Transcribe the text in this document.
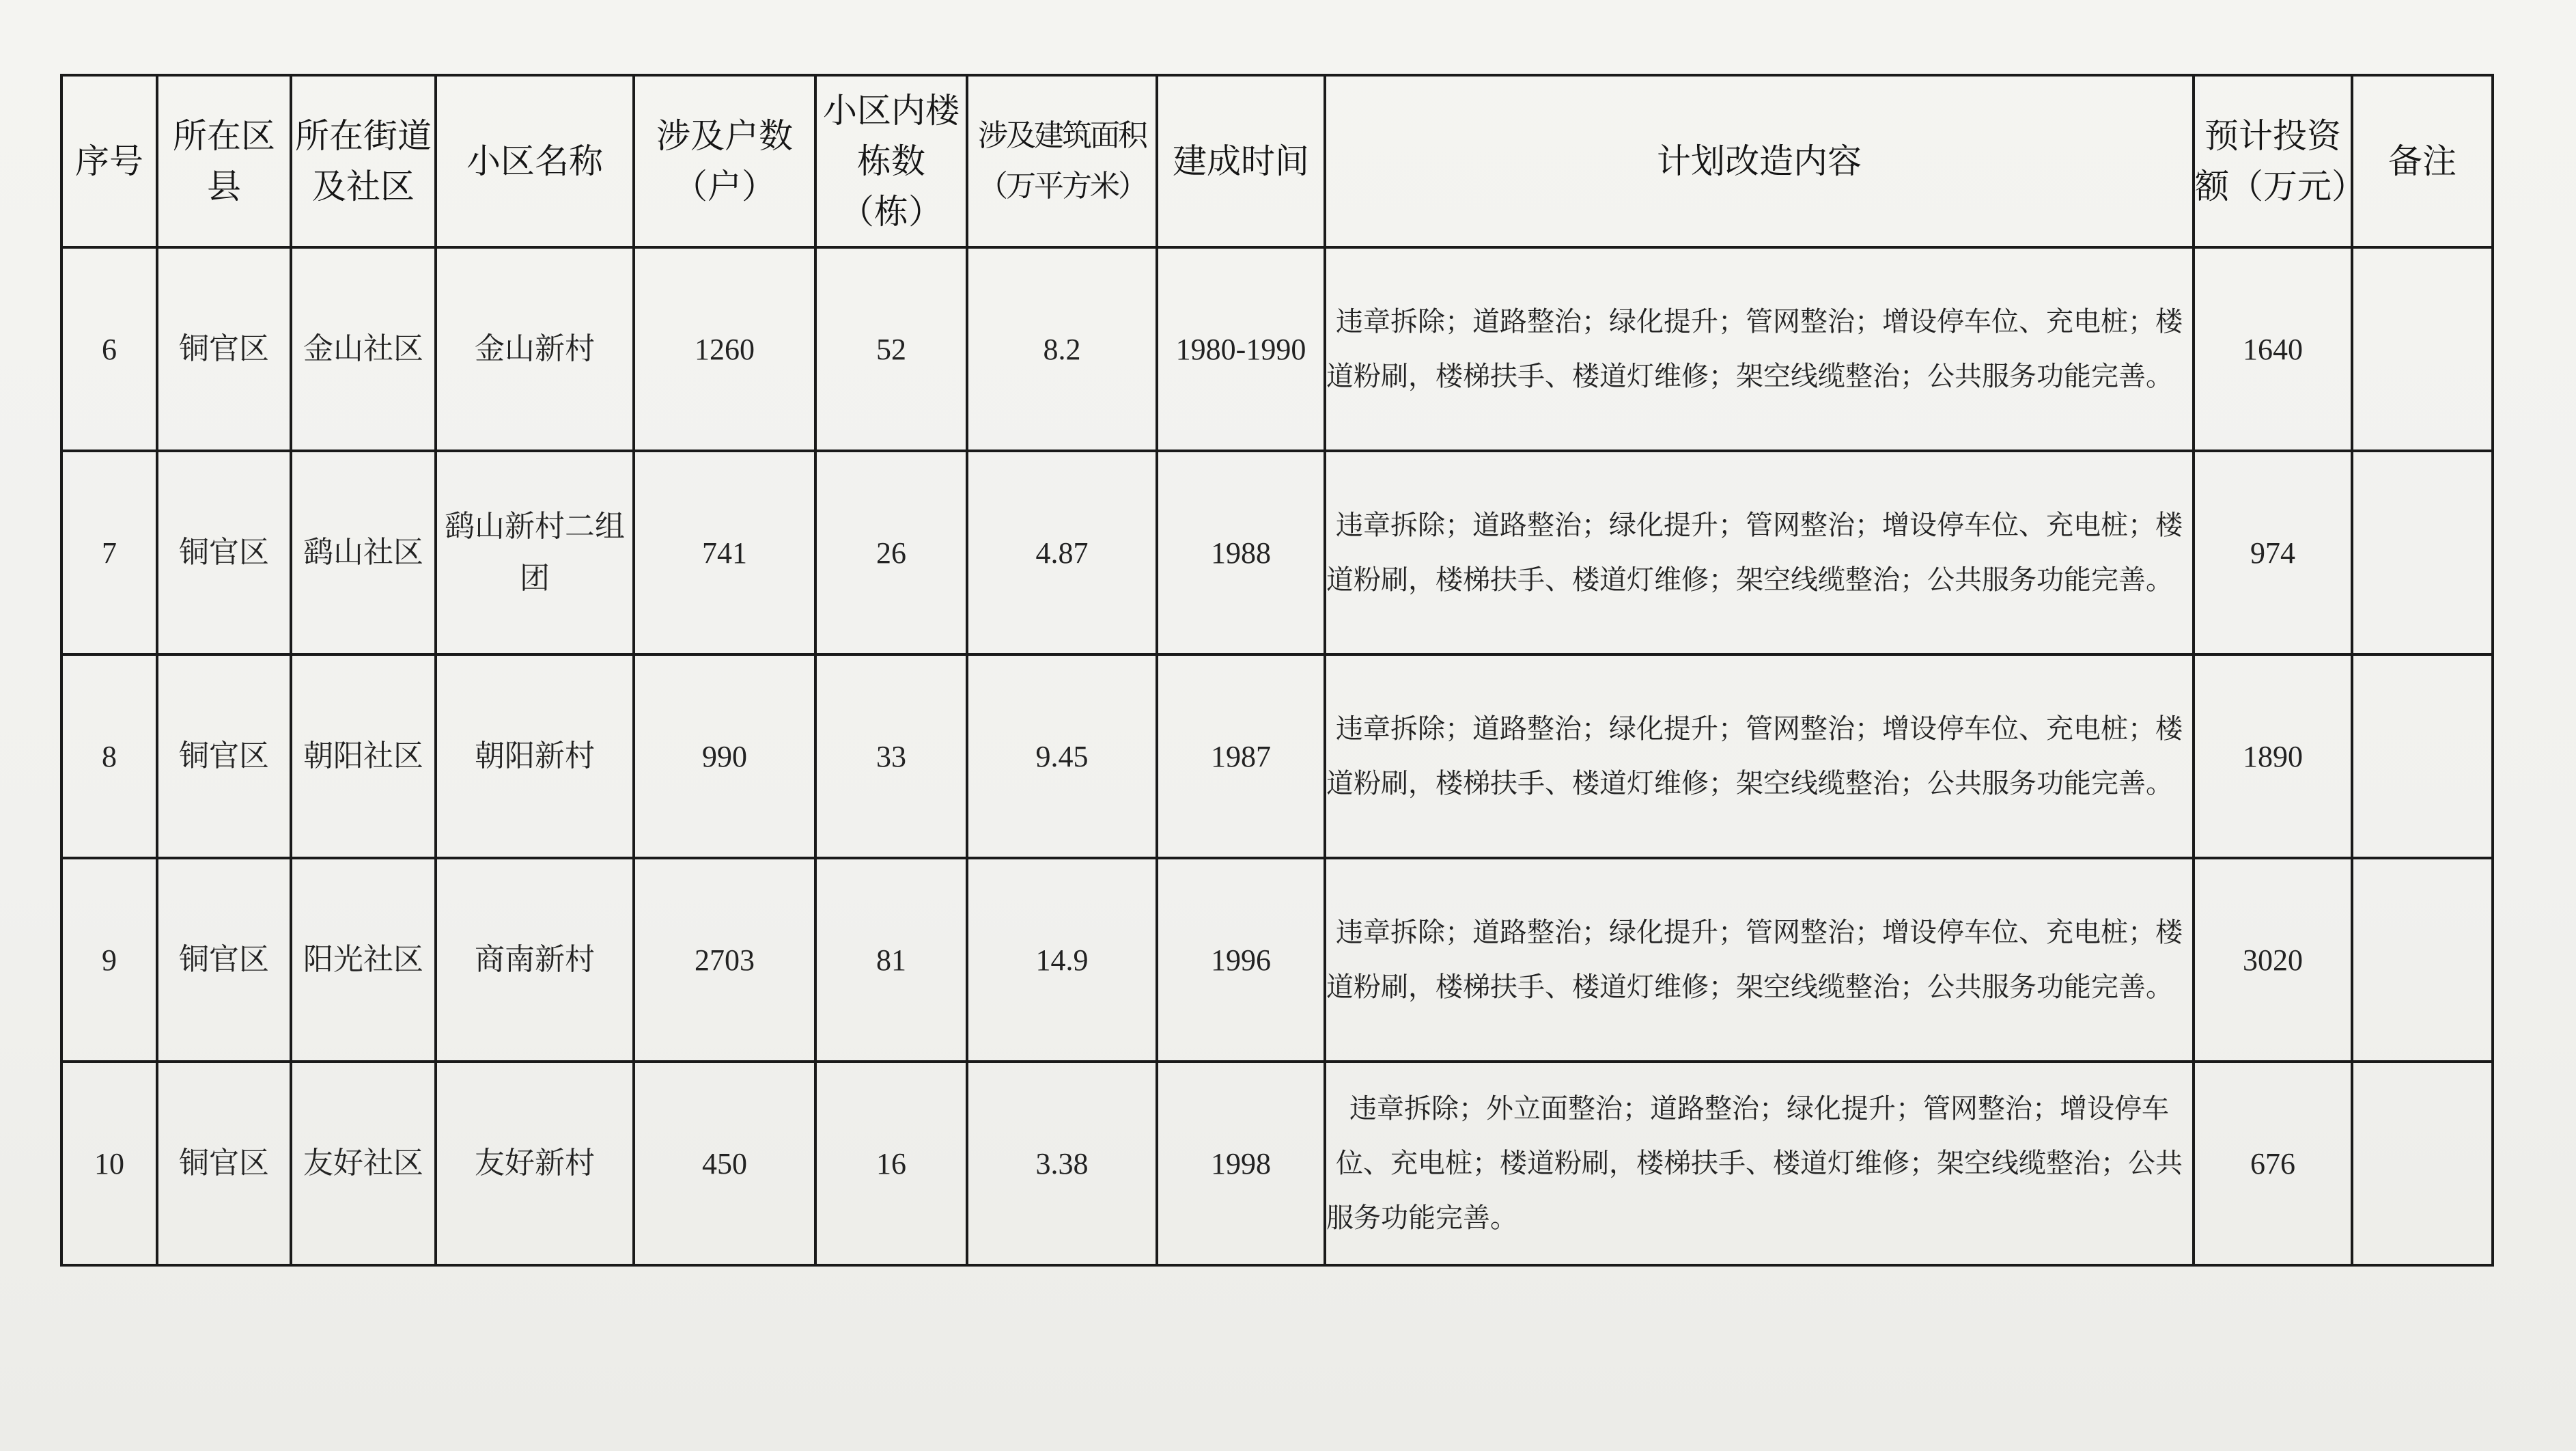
序号	所在区县	所在街道及社区	小区名称	涉及户数（户）	小区内楼栋数（栋）	涉及建筑面积（万平方米）	建成时间	计划改造内容	预计投资额（万元）	备注
6	铜官区	金山社区	金山新村	1260	52	8.2	1980-1990	违章拆除；道路整治；绿化提升；管网整治；增设停车位、充电桩；楼道粉刷，楼梯扶手、楼道灯维修；架空线缆整治；公共服务功能完善。	1640	
7	铜官区	鹞山社区	鹞山新村二组团	741	26	4.87	1988	违章拆除；道路整治；绿化提升；管网整治；增设停车位、充电桩；楼道粉刷，楼梯扶手、楼道灯维修；架空线缆整治；公共服务功能完善。	974	
8	铜官区	朝阳社区	朝阳新村	990	33	9.45	1987	违章拆除；道路整治；绿化提升；管网整治；增设停车位、充电桩；楼道粉刷，楼梯扶手、楼道灯维修；架空线缆整治；公共服务功能完善。	1890	
9	铜官区	阳光社区	商南新村	2703	81	14.9	1996	违章拆除；道路整治；绿化提升；管网整治；增设停车位、充电桩；楼道粉刷，楼梯扶手、楼道灯维修；架空线缆整治；公共服务功能完善。	3020	
10	铜官区	友好社区	友好新村	450	16	3.38	1998	违章拆除；外立面整治；道路整治；绿化提升；管网整治；增设停车位、充电桩；楼道粉刷，楼梯扶手、楼道灯维修；架空线缆整治；公共服务功能完善。	676	
